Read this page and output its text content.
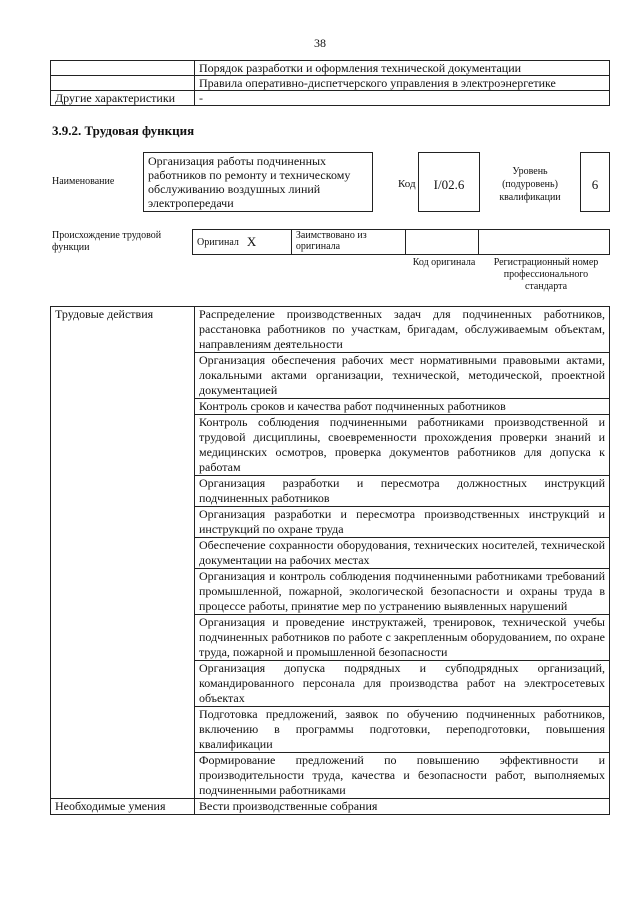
38
	Порядок разработки и оформления технической документации
	Правила оперативно-диспетчерского управления в электроэнергетике
Другие характеристики	-
3.9.2. Трудовая функция
Наименование
Организация работы подчиненных работников по ремонту и техническому обслуживанию воздушных линий электропередачи
Код	I/02.6
Уровень (подуровень) квалификации
6
Происхождение трудовой функции	Оригинал	X	Заимствовано из оригинала		
Код оригинала	Регистрационный номер профессионального стандарта
Трудовые действия	Распределение производственных задач для подчиненных работников, расстановка работников по участкам, бригадам, обслуживаемым объектам, направлениям деятельности
	Организация обеспечения рабочих мест нормативными правовыми актами, локальными актами организации, технической, методической, проектной документацией
	Контроль сроков и качества работ подчиненных работников
	Контроль соблюдения подчиненными работниками производственной и трудовой дисциплины, своевременности прохождения проверки знаний и медицинских осмотров, проверка документов работников для допуска к работам
	Организация разработки и пересмотра должностных инструкций подчиненных работников
	Организация разработки и пересмотра производственных инструкций и инструкций по охране труда
	Обеспечение сохранности оборудования, технических носителей, технической документации на рабочих местах
	Организация и контроль соблюдения подчиненными работниками требований промышленной, пожарной, экологической безопасности и охраны труда в процессе работы, принятие мер по устранению выявленных нарушений
	Организация и проведение инструктажей, тренировок, технической учебы подчиненных работников по работе с закрепленным оборудованием, по охране труда, пожарной и промышленной безопасности
	Организация допуска подрядных и субподрядных организаций, командированного персонала для производства работ на электросетевых объектах
	Подготовка предложений, заявок по обучению подчиненных работников, включению в программы подготовки, переподготовки, повышения квалификации
	Формирование предложений по повышению эффективности и производительности труда, качества и безопасности работ, выполняемых подчиненными работниками
Необходимые умения	Вести производственные собрания
